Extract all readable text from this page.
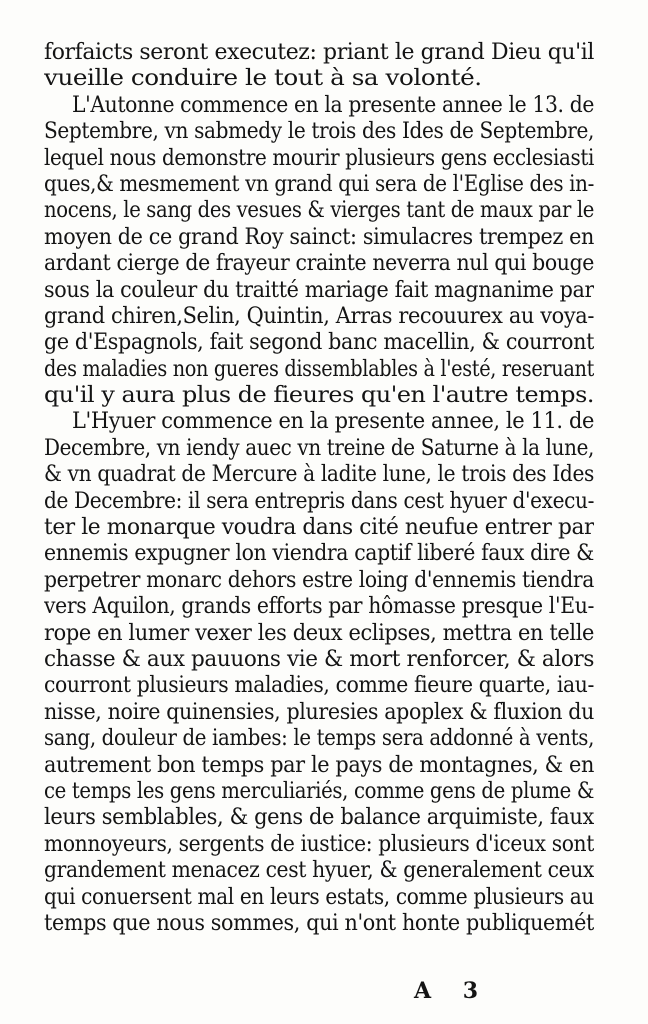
forfaicts seront executez: priant le grand Dieu qu'il
vueille conduire le tout à sa volonté.
L'Autonne commence en la presente annee le 13. de
Septembre, vn sabmedy le trois des Ides de Septembre,
lequel nous demonstre mourir plusieurs gens ecclesiasti
ques,& mesmement vn grand qui sera de l'Eglise des in-
nocens, le sang des vesues & vierges tant de maux par le
moyen de ce grand Roy sainct: simulacres trempez en
ardant cierge de frayeur crainte neverra nul qui bouge
sous la couleur du traitté mariage fait magnanime par
grand chiren,Selin, Quintin, Arras recouurex au voya-
ge d'Espagnols, fait segond banc macellin, & courront
des maladies non gueres dissemblables à l'esté, reseruant
qu'il y aura plus de fieures qu'en l'autre temps.
L'Hyuer commence en la presente annee, le 11. de
Decembre, vn iendy auec vn treine de Saturne à la lune,
& vn quadrat de Mercure à ladite lune, le trois des Ides
de Decembre: il sera entrepris dans cest hyuer d'execu-
ter le monarque voudra dans cité neufue entrer par
ennemis expugner lon viendra captif liberé faux dire &
perpetrer monarc dehors estre loing d'ennemis tiendra
vers Aquilon, grands efforts par hômasse presque l'Eu-
rope en lumer vexer les deux eclipses, mettra en telle
chasse & aux pauuons vie & mort renforcer, & alors
courront plusieurs maladies, comme fieure quarte, iau-
nisse, noire quinensies, pluresies apoplex & fluxion du
sang, douleur de iambes: le temps sera addonné à vents,
autrement bon temps par le pays de montagnes, & en
ce temps les gens merculiariés, comme gens de plume &
leurs semblables, & gens de balance arquimiste, faux
monnoyeurs, sergents de iustice: plusieurs d'iceux sont
grandement menacez cest hyuer, & generalement ceux
qui conuersent mal en leurs estats, comme plusieurs au
temps que nous sommes, qui n'ont honte publiquemét
A 3
